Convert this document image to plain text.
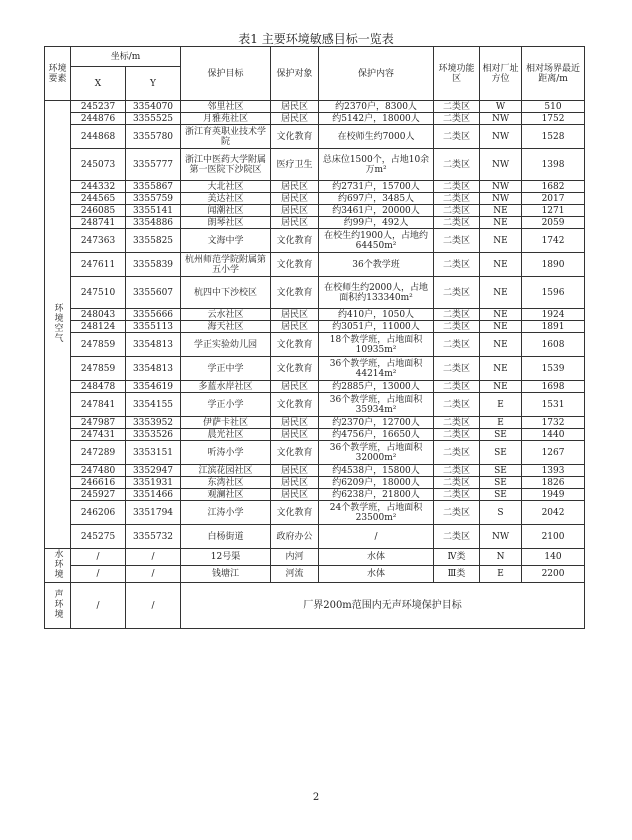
表1 主要环境敏感目标一览表
环境要素	坐标/m		保护目标	保护对象	保护内容	环境功能区	相对厂址方位	相对场界最近距离/m
	X	Y						
环境空气	245237	3354070	邻里社区	居民区	约2370户，8300人	二类区	W	510
	244876	3355525	月雅苑社区	居民区	约5142户，18000人	二类区	NW	1752
	244868	3355780	浙江育英职业技术学院	文化教育	在校师生约7000人	二类区	NW	1528
	245073	3355777	浙江中医药大学附属第一医院下沙院区	医疗卫生	总床位1500个，占地10余万m²	二类区	NW	1398
	244332	3355867	大北社区	居民区	约2731户，15700人	二类区	NW	1682
	244565	3355759	美达社区	居民区	约697户，3485人	二类区	NW	2017
	246085	3355141	闻潮社区	居民区	约3461户，20000人	二类区	NE	1271
	248741	3354886	朗琴社区	居民区	约99户，492人	二类区	NE	2059
	247363	3355825	文海中学	文化教育	在校生约1900人，占地约64450m²	二类区	NE	1742
	247611	3355839	杭州师范学院附属第五小学	文化教育	36个教学班	二类区	NE	1890
	247510	3355607	杭四中下沙校区	文化教育	在校师生约2000人，占地面积约133340m²	二类区	NE	1596
	248043	3355666	云水社区	居民区	约410户，1050人	二类区	NE	1924
	248124	3355113	海天社区	居民区	约3051户，11000人	二类区	NE	1891
	247859	3354813	学正实验幼儿园	文化教育	18个教学班，占地面积10935m²	二类区	NE	1608
	247859	3354813	学正中学	文化教育	36个教学班，占地面积44214m²	二类区	NE	1539
	248478	3354619	多蓝水岸社区	居民区	约2885户，13000人	二类区	NE	1698
	247841	3354155	学正小学	文化教育	36个教学班，占地面积35934m²	二类区	E	1531
	247987	3353952	伊萨卡社区	居民区	约2370户，12700人	二类区	E	1732
	247431	3353526	晨光社区	居民区	约4756户，16650人	二类区	SE	1440
	247289	3353151	听涛小学	文化教育	36个教学班，占地面积32000m²	二类区	SE	1267
	247480	3352947	江滨花园社区	居民区	约4538户，15800人	二类区	SE	1393
	246616	3351931	东湾社区	居民区	约6209户，18000人	二类区	SE	1826
	245927	3351466	观澜社区	居民区	约6238户，21800人	二类区	SE	1949
	246206	3351794	江涛小学	文化教育	24个教学班，占地面积23500m²	二类区	S	2042
	245275	3355732	白杨街道	政府办公	/	二类区	NW	2100
水环境	/	/	12号渠	内河	水体	Ⅳ类	N	140
	/	/	钱塘江	河流	水体	Ⅲ类	E	2200
声环境	/	/	厂界200m范围内无声环境保护目标					
2
